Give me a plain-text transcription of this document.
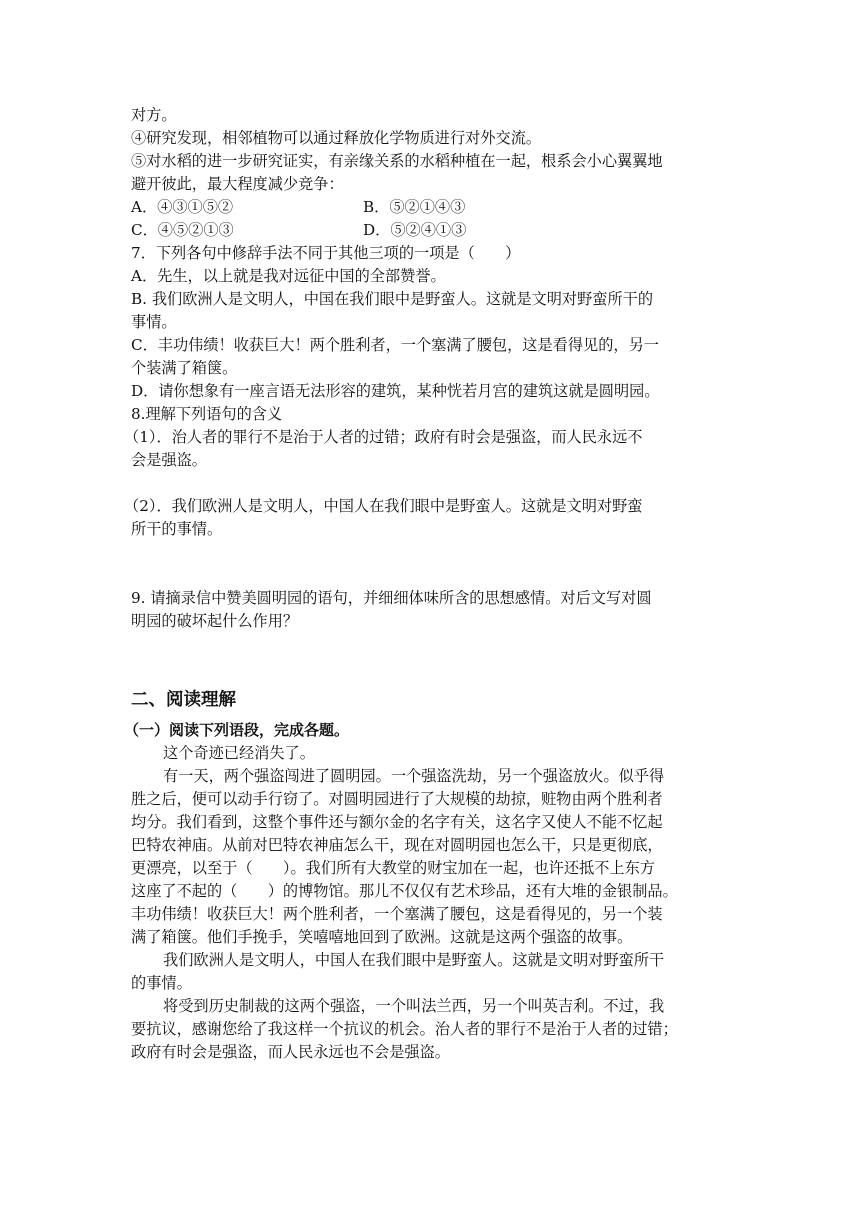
对方。
④研究发现，相邻植物可以通过释放化学物质进行对外交流。
⑤对水稻的进一步研究证实，有亲缘关系的水稻种植在一起，根系会小心翼翼地
避开彼此，最大程度减少竞争：
A．④③①⑤②	B．⑤②①④③
C．④⑤②①③	D．⑤②④①③
7．下列各句中修辞手法不同于其他三项的一项是（　　）
A．先生，以上就是我对远征中国的全部赞誉。
B. 我们欧洲人是文明人，中国在我们眼中是野蛮人。这就是文明对野蛮所干的
事情。
C．丰功伟绩！收获巨大！两个胜利者，一个塞满了腰包，这是看得见的，另一
个装满了箱箧。
D．请你想象有一座言语无法形容的建筑，某种恍若月宫的建筑这就是圆明园。
8.理解下列语句的含义
（1）．治人者的罪行不是治于人者的过错；政府有时会是强盗，而人民永远不
会是强盗。
（2）．我们欧洲人是文明人，中国人在我们眼中是野蛮人。这就是文明对野蛮
所干的事情。
9. 请摘录信中赞美圆明园的语句，并细细体味所含的思想感情。对后文写对圆
明园的破坏起什么作用？
二、阅读理解
（一）阅读下列语段，完成各题。
这个奇迹已经消失了。
有一天，两个强盗闯进了圆明园。一个强盗洗劫，另一个强盗放火。似乎得
胜之后，便可以动手行窃了。对圆明园进行了大规模的劫掠，赃物由两个胜利者
均分。我们看到，这整个事件还与额尔金的名字有关，这名字又使人不能不忆起
巴特农神庙。从前对巴特农神庙怎么干，现在对圆明园也怎么干，只是更彻底，
更漂亮，以至于（　　）。我们所有大教堂的财宝加在一起，也许还抵不上东方
这座了不起的（　　）的博物馆。那儿不仅仅有艺术珍品，还有大堆的金银制品。
丰功伟绩！收获巨大！两个胜利者，一个塞满了腰包，这是看得见的，另一个装
满了箱箧。他们手挽手，笑嘻嘻地回到了欧洲。这就是这两个强盗的故事。
我们欧洲人是文明人，中国人在我们眼中是野蛮人。这就是文明对野蛮所干
的事情。
将受到历史制裁的这两个强盗，一个叫法兰西，另一个叫英吉利。不过，我
要抗议，感谢您给了我这样一个抗议的机会。治人者的罪行不是治于人者的过错；
政府有时会是强盗，而人民永远也不会是强盗。
